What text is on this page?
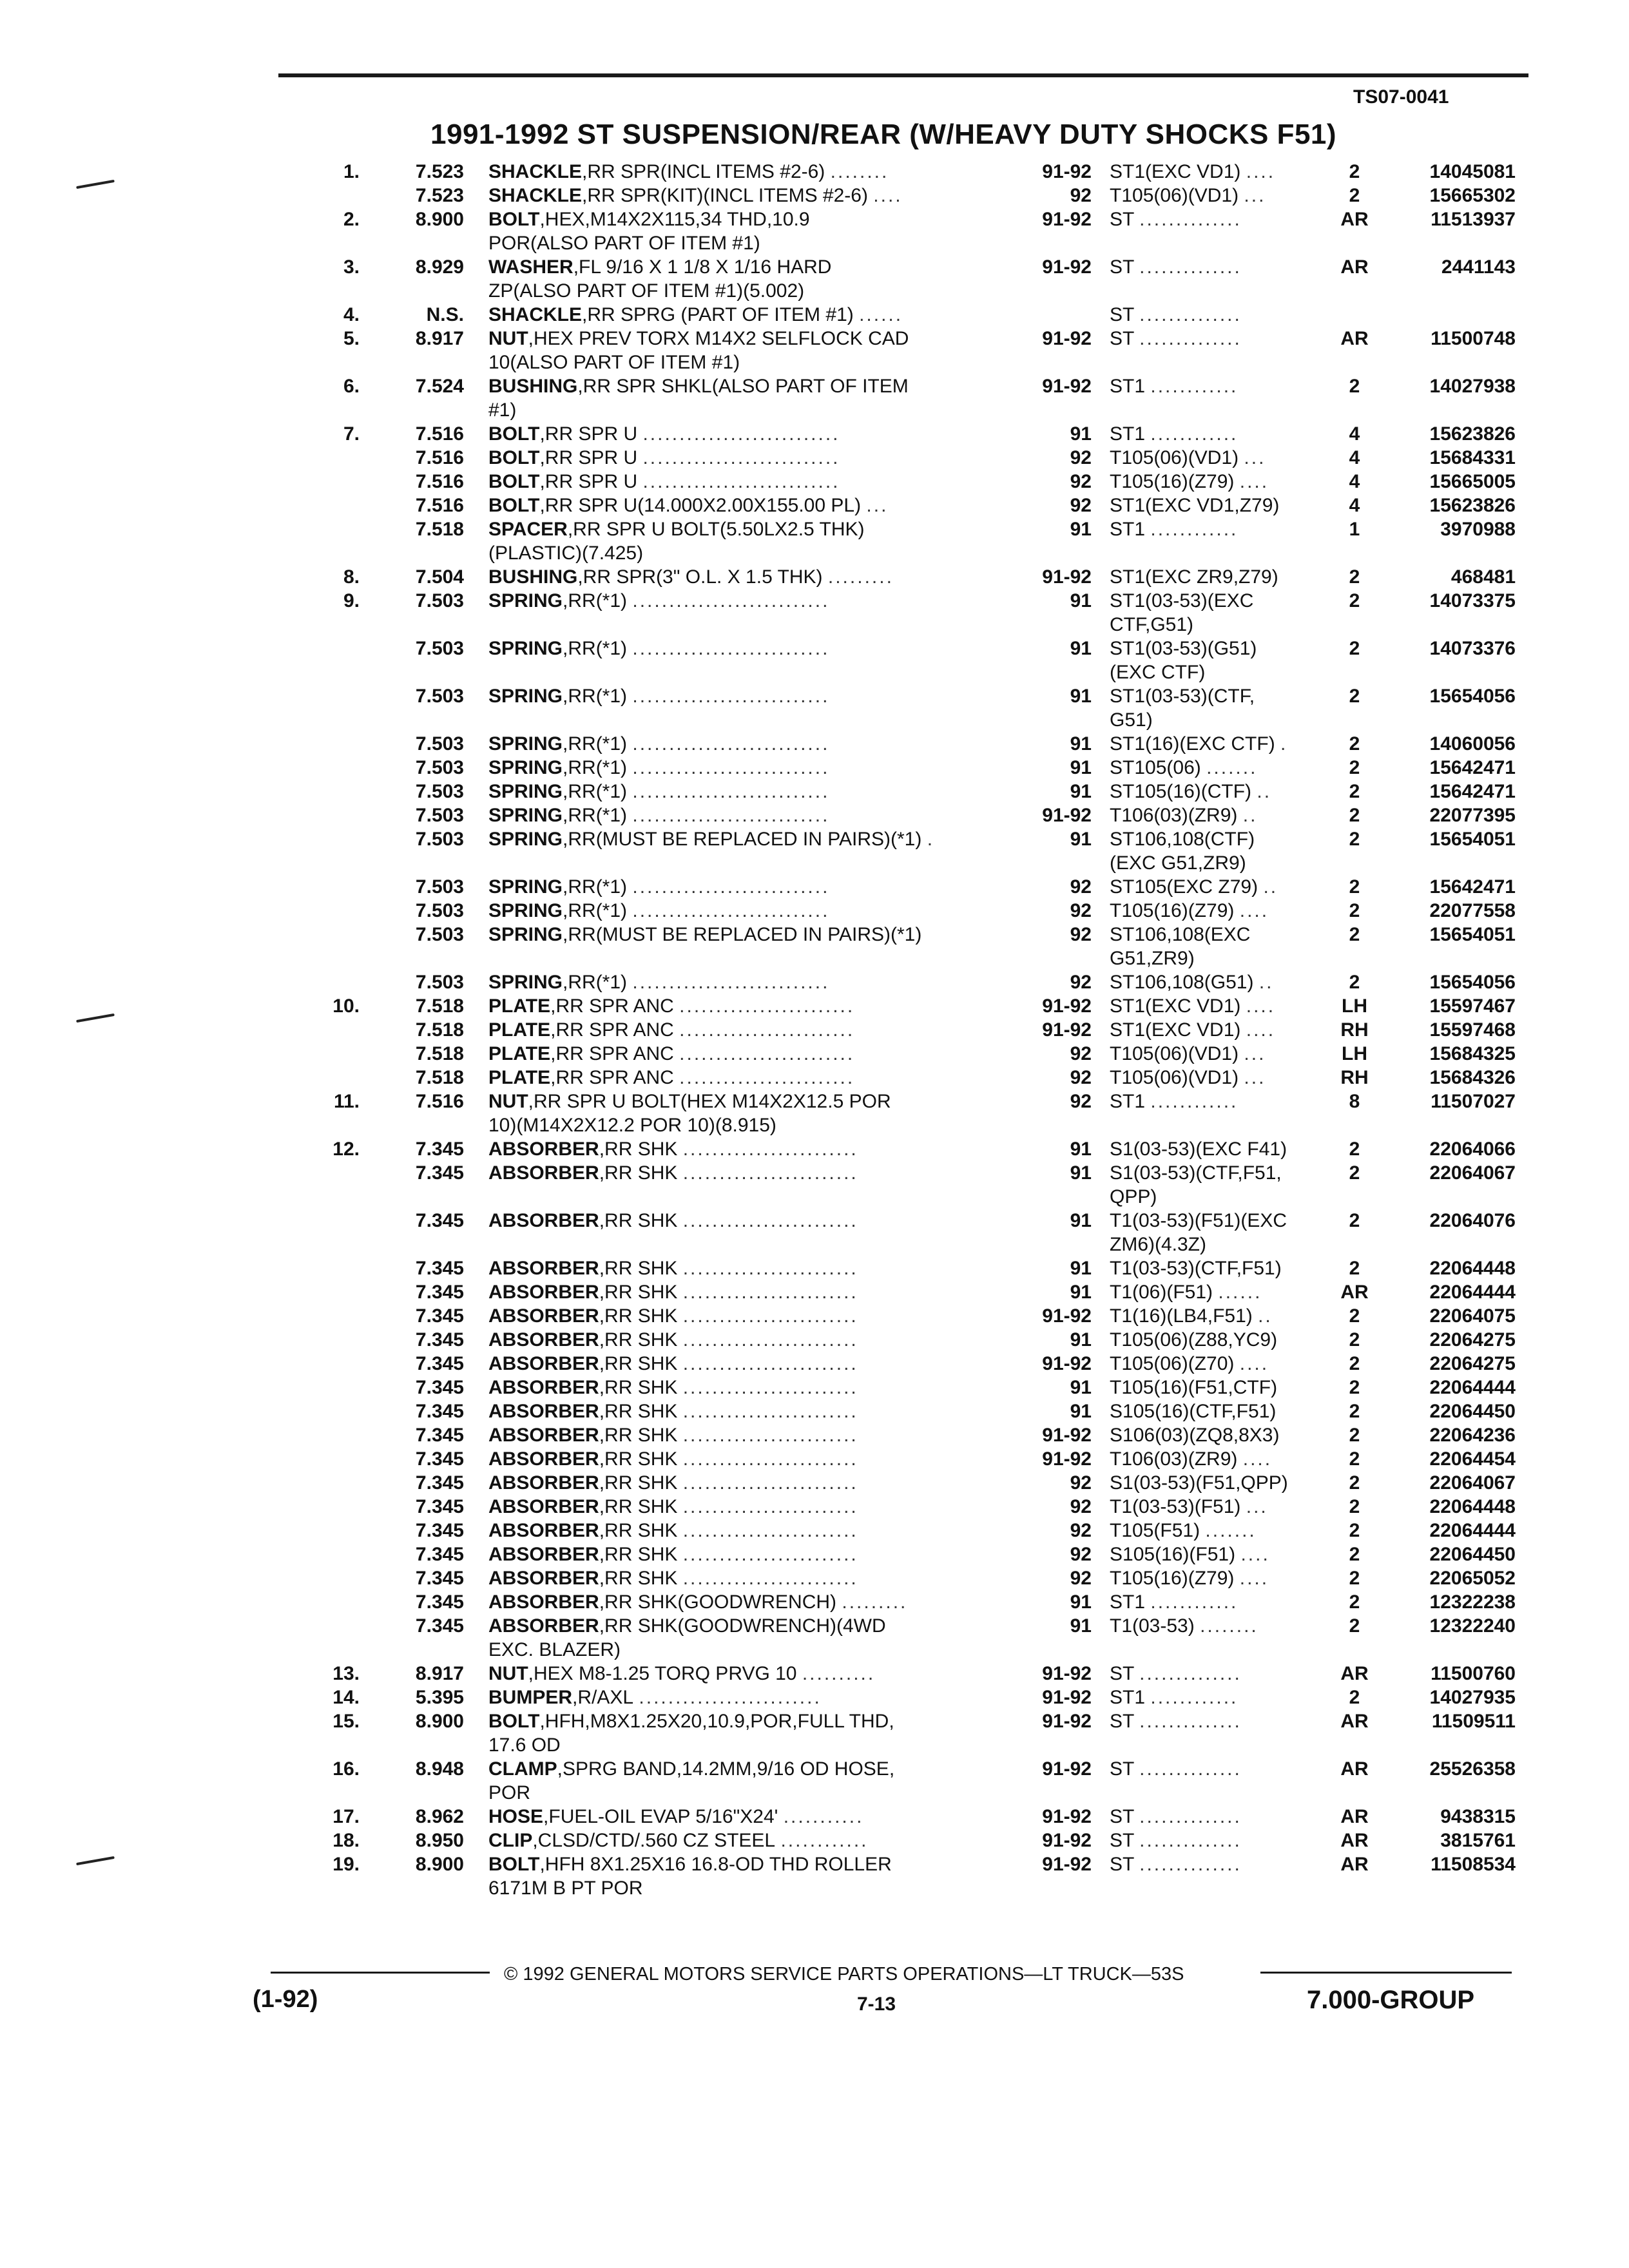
TS07-0041
1991-1992 ST SUSPENSION/REAR (W/HEAVY DUTY SHOCKS F51)
1.	7.523 SHACKLE,RR SPR(INCL ITEMS #2-6) ........	91-92 ST1(EXC VD1) ....	2	14045081
7.523 SHACKLE,RR SPR(KIT)(INCL ITEMS #2-6) ....	92 T105(06)(VD1) ...	2	15665302
2.	8.900 BOLT,HEX,M14X2X115,34 THD,10.9	91-92 ST ..............	AR	11513937
POR(ALSO PART OF ITEM #1)
3.	8.929 WASHER,FL 9/16 X 1 1/8 X 1/16 HARD	91-92 ST ..............	AR	2441143
ZP(ALSO PART OF ITEM #1)(5.002)
4.	N.S. SHACKLE,RR SPRG (PART OF ITEM #1) ......	ST ..............
5.	8.917 NUT,HEX PREV TORX M14X2 SELFLOCK CAD	91-92 ST ..............	AR	11500748
10(ALSO PART OF ITEM #1)
6.	7.524 BUSHING,RR SPR SHKL(ALSO PART OF ITEM	91-92 ST1 ............	2	14027938
#1)
7.	7.516 BOLT,RR SPR U ...........................	91 ST1 ............	4	15623826
7.516 BOLT,RR SPR U ...........................	92 T105(06)(VD1) ...	4	15684331
7.516 BOLT,RR SPR U ...........................	92 T105(16)(Z79) ....	4	15665005
7.516 BOLT,RR SPR U(14.000X2.00X155.00 PL) ...	92 ST1(EXC VD1,Z79)	4	15623826
7.518 SPACER,RR SPR U BOLT(5.50LX2.5 THK)	91 ST1 ............	1	3970988
(PLASTIC)(7.425)
8.	7.504 BUSHING,RR SPR(3" O.L. X 1.5 THK) .........	91-92 ST1(EXC ZR9,Z79)	2	468481
9.	7.503 SPRING,RR(*1) ...........................	91 ST1(03-53)(EXC	2	14073375
CTF,G51)
7.503 SPRING,RR(*1) ...........................	91 ST1(03-53)(G51)	2	14073376
(EXC CTF)
7.503 SPRING,RR(*1) ...........................	91 ST1(03-53)(CTF,	2	15654056
G51)
7.503 SPRING,RR(*1) ...........................	91 ST1(16)(EXC CTF) .	2	14060056
7.503 SPRING,RR(*1) ...........................	91 ST105(06) .......	2	15642471
7.503 SPRING,RR(*1) ...........................	91 ST105(16)(CTF) ..	2	15642471
7.503 SPRING,RR(*1) ...........................	91-92 T106(03)(ZR9) ..	2	22077395
7.503 SPRING,RR(MUST BE REPLACED IN PAIRS)(*1) .	91 ST106,108(CTF)	2	15654051
(EXC G51,ZR9)
7.503 SPRING,RR(*1) ...........................	92 ST105(EXC Z79) ..	2	15642471
7.503 SPRING,RR(*1) ...........................	92 T105(16)(Z79) ....	2	22077558
7.503 SPRING,RR(MUST BE REPLACED IN PAIRS)(*1)	92 ST106,108(EXC	2	15654051
G51,ZR9)
7.503 SPRING,RR(*1) ...........................	92 ST106,108(G51) ..	2	15654056
10.	7.518 PLATE,RR SPR ANC ........................	91-92 ST1(EXC VD1) ....	LH	15597467
7.518 PLATE,RR SPR ANC ........................	91-92 ST1(EXC VD1) ....	RH	15597468
7.518 PLATE,RR SPR ANC ........................	92 T105(06)(VD1) ...	LH	15684325
7.518 PLATE,RR SPR ANC ........................	92 T105(06)(VD1) ...	RH	15684326
11.	7.516 NUT,RR SPR U BOLT(HEX M14X2X12.5 POR	92 ST1 ............	8	11507027
10)(M14X2X12.2 POR 10)(8.915)
12.	7.345 ABSORBER,RR SHK ........................	91 S1(03-53)(EXC F41)	2	22064066
7.345 ABSORBER,RR SHK ........................	91 S1(03-53)(CTF,F51,	2	22064067
QPP)
7.345 ABSORBER,RR SHK ........................	91 T1(03-53)(F51)(EXC	2	22064076
ZM6)(4.3Z)
7.345 ABSORBER,RR SHK ........................	91 T1(03-53)(CTF,F51)	2	22064448
7.345 ABSORBER,RR SHK ........................	91 T1(06)(F51) ......	AR	22064444
7.345 ABSORBER,RR SHK ........................	91-92 T1(16)(LB4,F51) ..	2	22064075
7.345 ABSORBER,RR SHK ........................	91 T105(06)(Z88,YC9)	2	22064275
7.345 ABSORBER,RR SHK ........................	91-92 T105(06)(Z70) ....	2	22064275
7.345 ABSORBER,RR SHK ........................	91 T105(16)(F51,CTF)	2	22064444
7.345 ABSORBER,RR SHK ........................	91 S105(16)(CTF,F51)	2	22064450
7.345 ABSORBER,RR SHK ........................	91-92 S106(03)(ZQ8,8X3)	2	22064236
7.345 ABSORBER,RR SHK ........................	91-92 T106(03)(ZR9) ....	2	22064454
7.345 ABSORBER,RR SHK ........................	92 S1(03-53)(F51,QPP)	2	22064067
7.345 ABSORBER,RR SHK ........................	92 T1(03-53)(F51) ...	2	22064448
7.345 ABSORBER,RR SHK ........................	92 T105(F51) .......	2	22064444
7.345 ABSORBER,RR SHK ........................	92 S105(16)(F51) ....	2	22064450
7.345 ABSORBER,RR SHK ........................	92 T105(16)(Z79) ....	2	22065052
7.345 ABSORBER,RR SHK(GOODWRENCH) .........	91 ST1 ............	2	12322238
7.345 ABSORBER,RR SHK(GOODWRENCH)(4WD	91 T1(03-53) ........	2	12322240
EXC. BLAZER)
13.	8.917 NUT,HEX M8-1.25 TORQ PRVG 10 ..........	91-92 ST ..............	AR	11500760
14.	5.395 BUMPER,R/AXL .........................	91-92 ST1 ............	2	14027935
15.	8.900 BOLT,HFH,M8X1.25X20,10.9,POR,FULL THD,	91-92 ST ..............	AR	11509511
17.6 OD
16.	8.948 CLAMP,SPRG BAND,14.2MM,9/16 OD HOSE,	91-92 ST ..............	AR	25526358
POR
17.	8.962 HOSE,FUEL-OIL EVAP 5/16"X24' ...........	91-92 ST ..............	AR	9438315
18.	8.950 CLIP,CLSD/CTD/.560 CZ STEEL ............	91-92 ST ..............	AR	3815761
19.	8.900 BOLT,HFH 8X1.25X16 16.8-OD THD ROLLER	91-92 ST ..............	AR	11508534
6171M B PT POR
© 1992 GENERAL MOTORS SERVICE PARTS OPERATIONS—LT TRUCK—53S
(1-92)	7-13	7.000-GROUP
